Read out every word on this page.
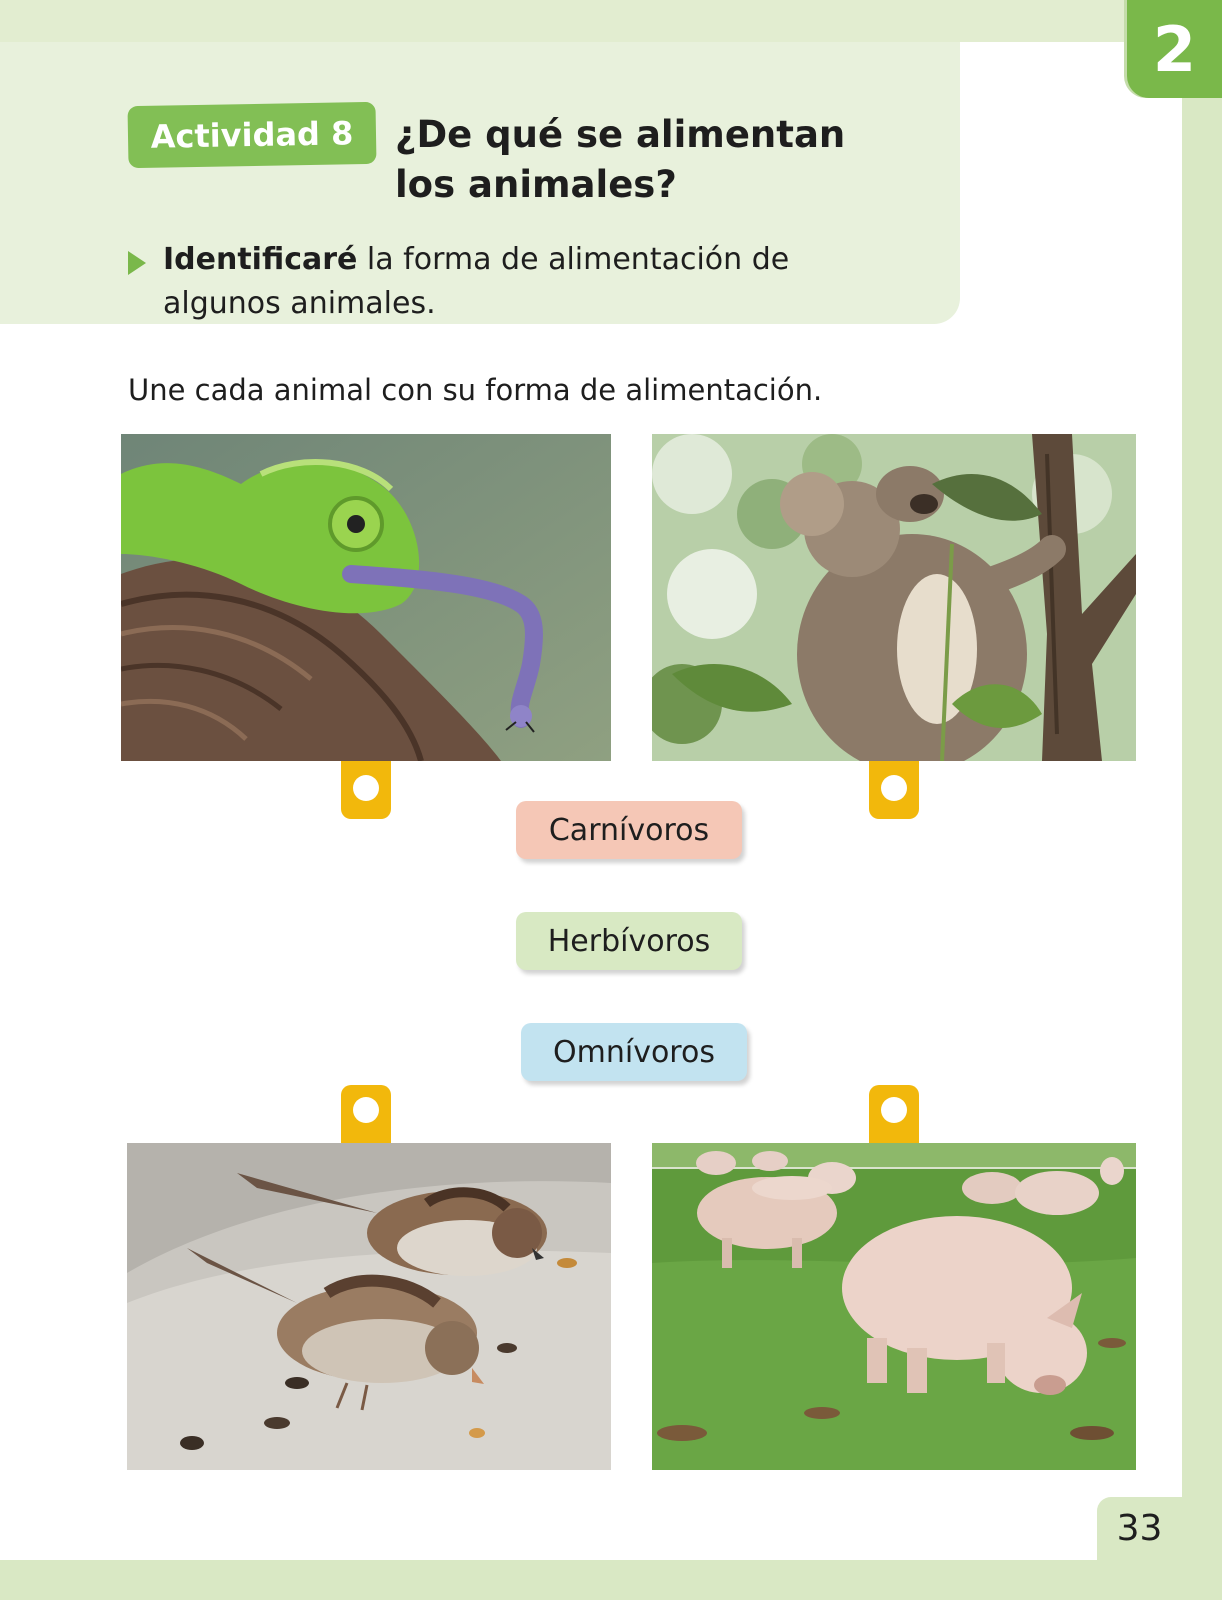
2
Actividad 8	¿De qué se alimentan
los animales?

Identificaré la forma de alimentación de
algunos animales.

Une cada animal con su forma de alimentación.

Carnívoros
Herbívoros
Omnívoros
33
